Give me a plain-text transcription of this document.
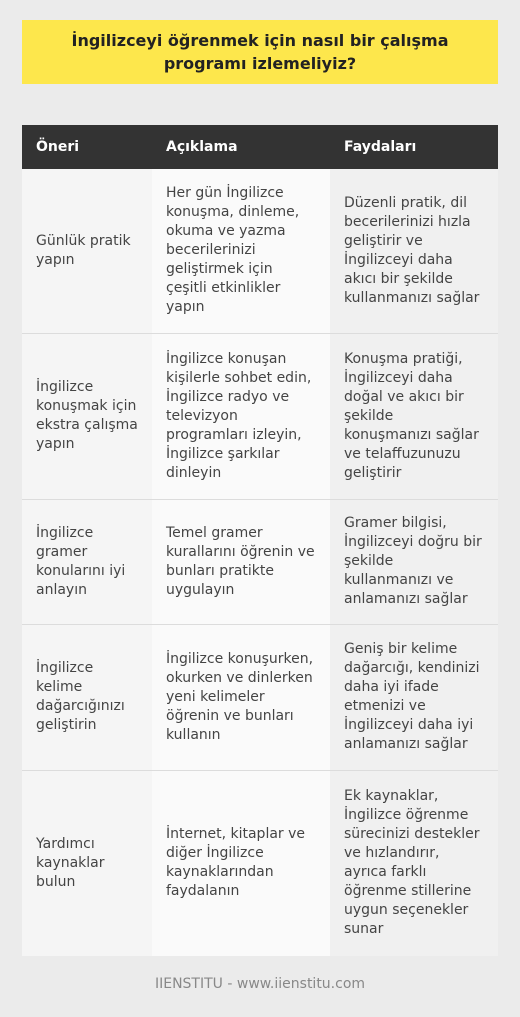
İngilizceyi öğrenmek için nasıl bir çalışma programı izlemeliyiz?
Öneri	Açıklama	Faydaları
Günlük pratik yapın	Her gün İngilizce konuşma, dinleme, okuma ve yazma becerilerinizi geliştirmek için çeşitli etkinlikler yapın	Düzenli pratik, dil becerilerinizi hızla geliştirir ve İngilizceyi daha akıcı bir şekilde kullanmanızı sağlar
İngilizce konuşmak için ekstra çalışma yapın	İngilizce konuşan kişilerle sohbet edin, İngilizce radyo ve televizyon programları izleyin, İngilizce şarkılar dinleyin	Konuşma pratiği, İngilizceyi daha doğal ve akıcı bir şekilde konuşmanızı sağlar ve telaffuzunuzu geliştirir
İngilizce gramer konularını iyi anlayın	Temel gramer kurallarını öğrenin ve bunları pratikte uygulayın	Gramer bilgisi, İngilizceyi doğru bir şekilde kullanmanızı ve anlamanızı sağlar
İngilizce kelime dağarcığınızı geliştirin	İngilizce konuşurken, okurken ve dinlerken yeni kelimeler öğrenin ve bunları kullanın	Geniş bir kelime dağarcığı, kendinizi daha iyi ifade etmenizi ve İngilizceyi daha iyi anlamanızı sağlar
Yardımcı kaynaklar bulun	İnternet, kitaplar ve diğer İngilizce kaynaklarından faydalanın	Ek kaynaklar, İngilizce öğrenme sürecinizi destekler ve hızlandırır, ayrıca farklı öğrenme stillerine uygun seçenekler sunar
IIENSTITU - www.iienstitu.com
